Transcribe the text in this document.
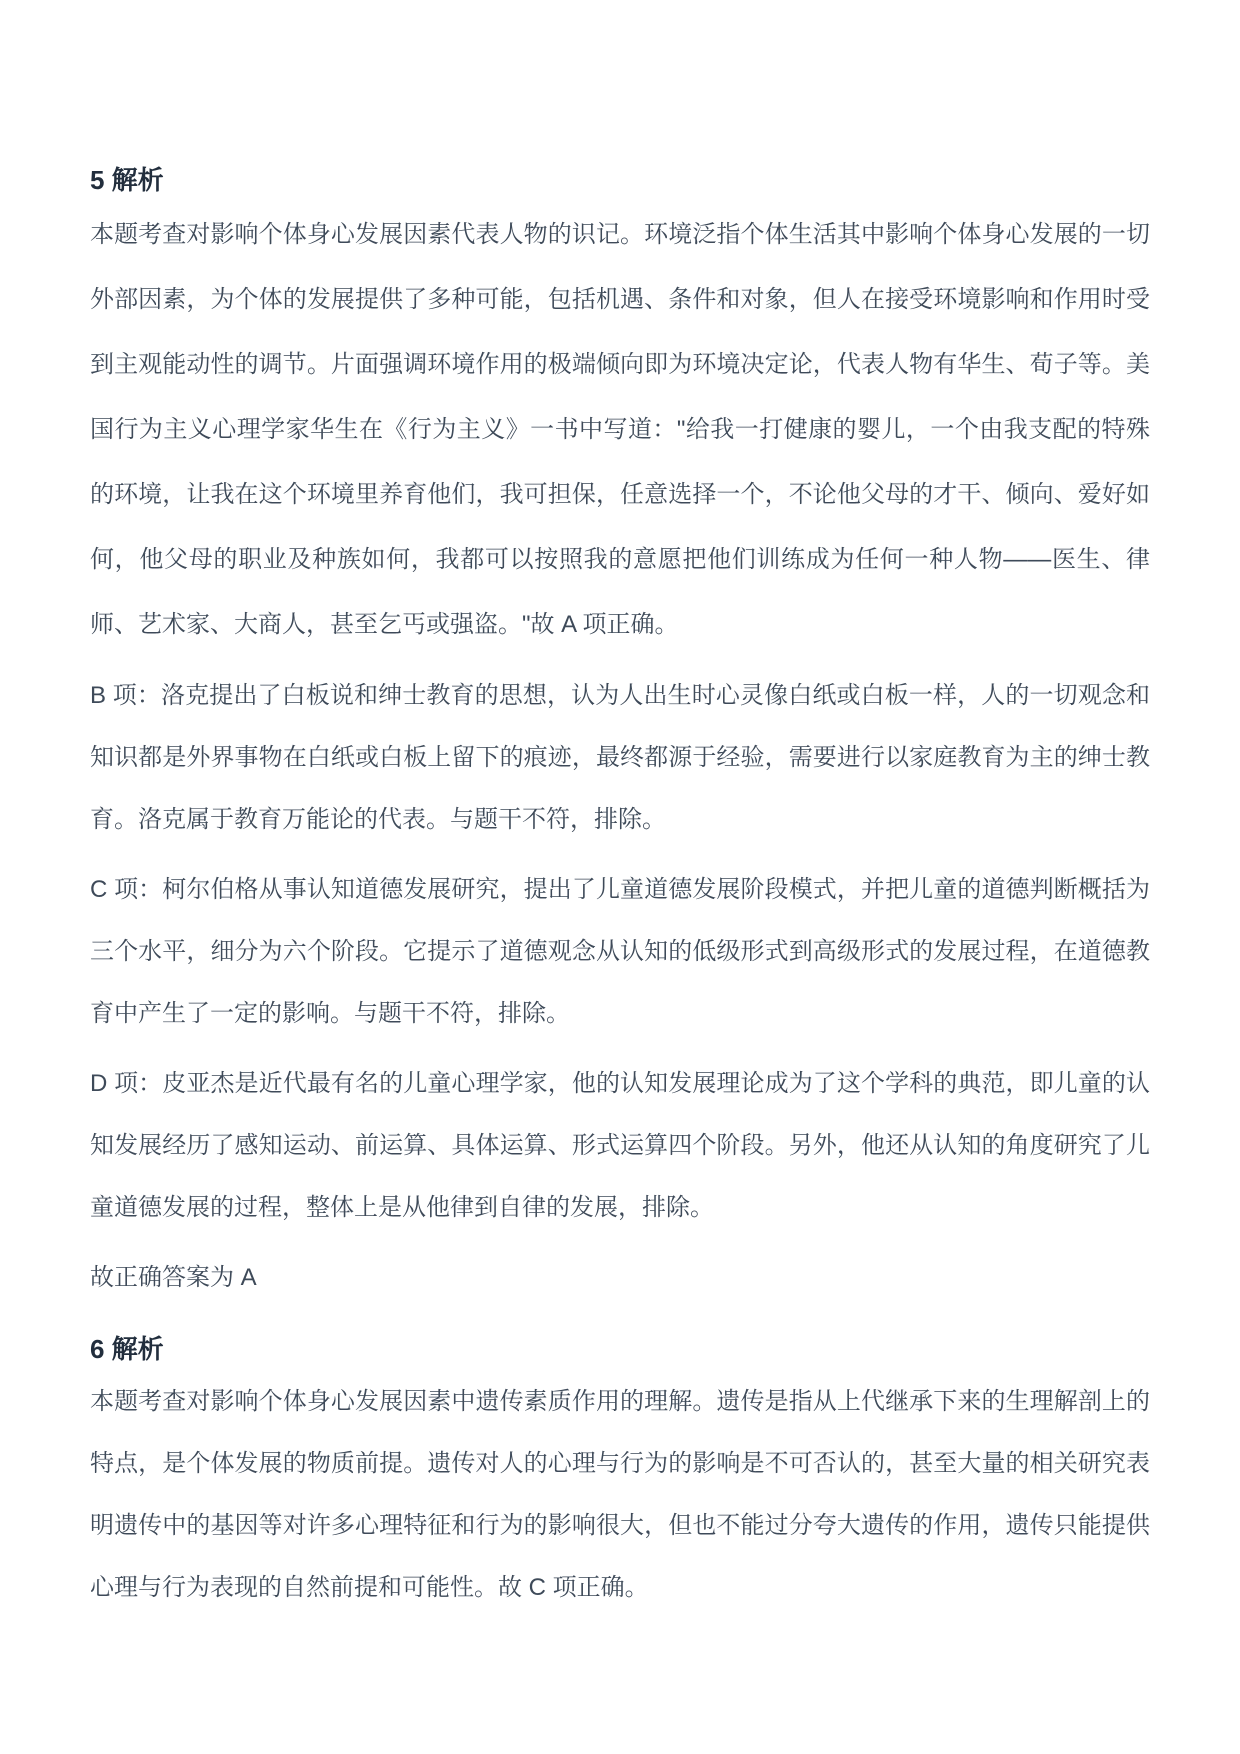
5 解析

本题考查对影响个体身心发展因素代表人物的识记。环境泛指个体生活其中影响个体身心发展的一切外部因素，为个体的发展提供了多种可能，包括机遇、条件和对象，但人在接受环境影响和作用时受到主观能动性的调节。片面强调环境作用的极端倾向即为环境决定论，代表人物有华生、荀子等。美国行为主义心理学家华生在《行为主义》一书中写道："给我一打健康的婴儿，一个由我支配的特殊的环境，让我在这个环境里养育他们，我可担保，任意选择一个，不论他父母的才干、倾向、爱好如何，他父母的职业及种族如何，我都可以按照我的意愿把他们训练成为任何一种人物——医生、律师、艺术家、大商人，甚至乞丐或强盗。"故 A 项正确。

B 项：洛克提出了白板说和绅士教育的思想，认为人出生时心灵像白纸或白板一样，人的一切观念和知识都是外界事物在白纸或白板上留下的痕迹，最终都源于经验，需要进行以家庭教育为主的绅士教育。洛克属于教育万能论的代表。与题干不符，排除。

C 项：柯尔伯格从事认知道德发展研究，提出了儿童道德发展阶段模式，并把儿童的道德判断概括为三个水平，细分为六个阶段。它提示了道德观念从认知的低级形式到高级形式的发展过程，在道德教育中产生了一定的影响。与题干不符，排除。

D 项：皮亚杰是近代最有名的儿童心理学家，他的认知发展理论成为了这个学科的典范，即儿童的认知发展经历了感知运动、前运算、具体运算、形式运算四个阶段。另外，他还从认知的角度研究了儿童道德发展的过程，整体上是从他律到自律的发展，排除。

故正确答案为 A

6 解析

本题考查对影响个体身心发展因素中遗传素质作用的理解。遗传是指从上代继承下来的生理解剖上的特点，是个体发展的物质前提。遗传对人的心理与行为的影响是不可否认的，甚至大量的相关研究表明遗传中的基因等对许多心理特征和行为的影响很大，但也不能过分夸大遗传的作用，遗传只能提供心理与行为表现的自然前提和可能性。故 C 项正确。
